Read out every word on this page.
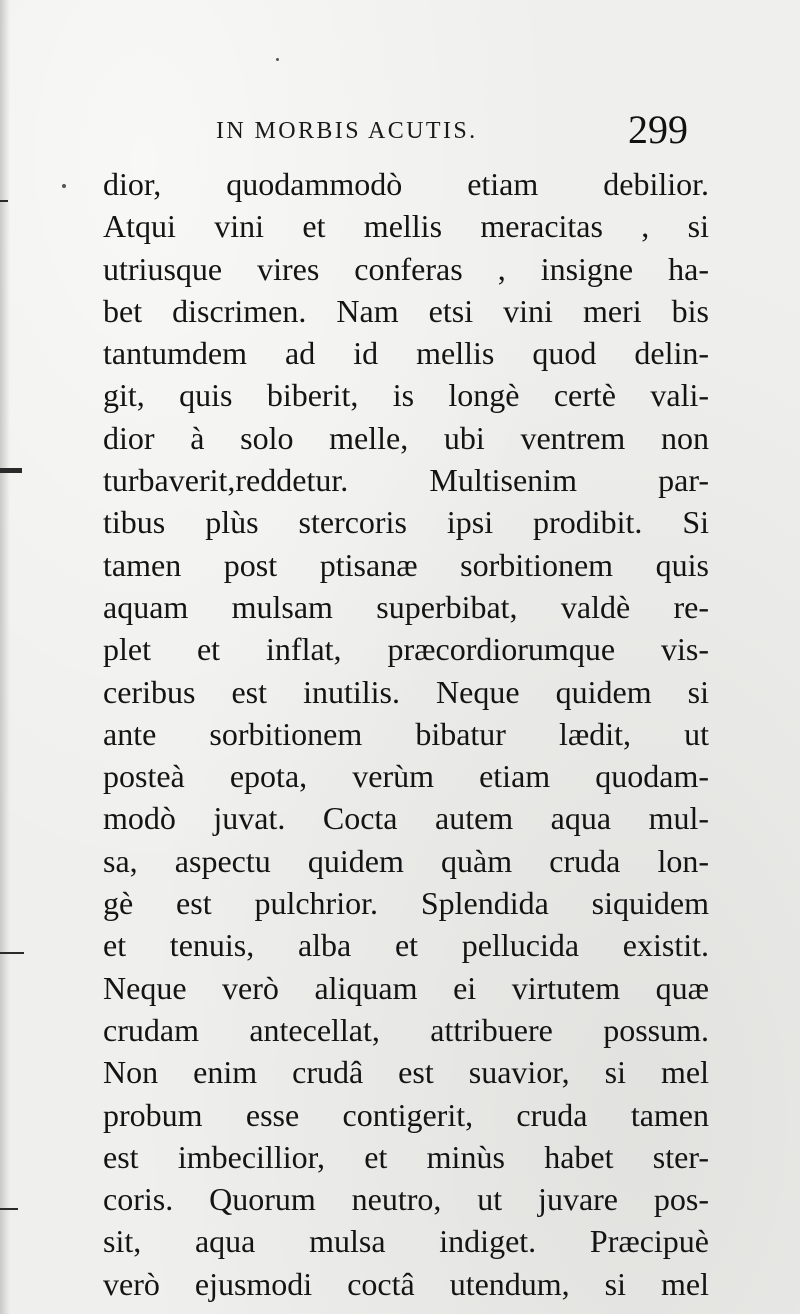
IN MORBIS ACUTIS.	299
dior, quodammodò etiam debilior.
Atqui vini et mellis meracitas , si
utriusque vires conferas , insigne ha-
bet discrimen. Nam etsi vini meri bis
tantumdem ad id mellis quod delin-
git, quis biberit, is longè certè vali-
dior à solo melle, ubi ventrem non
turbaverit,reddetur. Multisenim par-
tibus plùs stercoris ipsi prodibit. Si
tamen post ptisanæ sorbitionem quis
aquam mulsam superbibat, valdè re-
plet et inflat, præcordiorumque vis-
ceribus est inutilis. Neque quidem si
ante sorbitionem bibatur lædit, ut
posteà epota, verùm etiam quodam-
modò juvat. Cocta autem aqua mul-
sa, aspectu quidem quàm cruda lon-
gè est pulchrior. Splendida siquidem
et tenuis, alba et pellucida existit.
Neque verò aliquam ei virtutem quæ
crudam antecellat, attribuere possum.
Non enim crudâ est suavior, si mel
probum esse contigerit, cruda tamen
est imbecillior, et minùs habet ster-
coris. Quorum neutro, ut juvare pos-
sit, aqua mulsa indiget. Præcipuè
verò ejusmodi coctâ utendum, si mel
